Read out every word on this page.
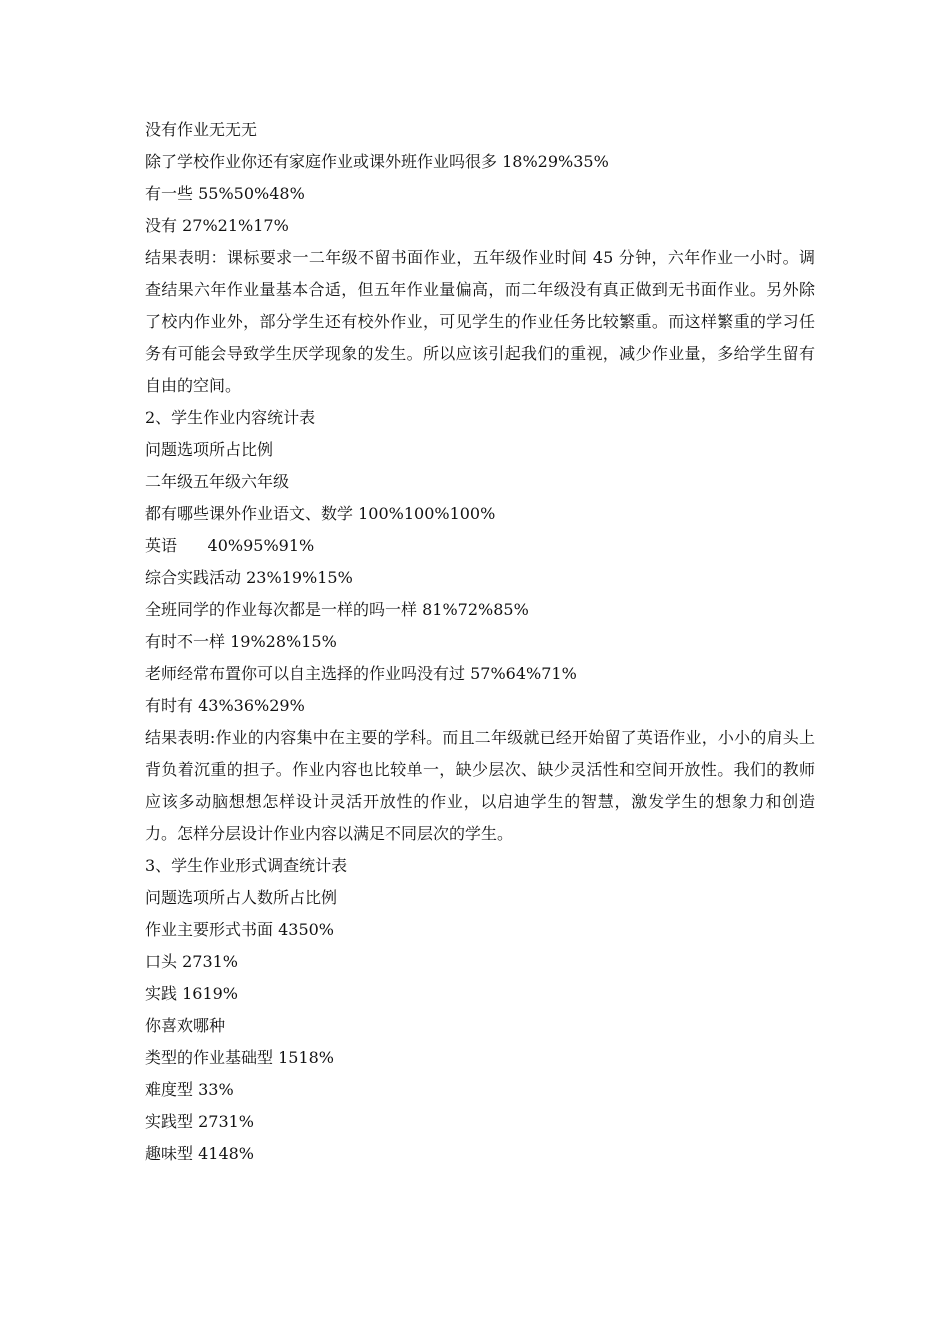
没有作业无无无
除了学校作业你还有家庭作业或课外班作业吗很多 18%29%35%
有一些 55%50%48%
没有 27%21%17%

结果表明：课标要求一二年级不留书面作业，五年级作业时间 45 分钟，六年作业一小时。调查结果六年作业量基本合适，但五年作业量偏高，而二年级没有真正做到无书面作业。另外除了校内作业外，部分学生还有校外作业，可见学生的作业任务比较繁重。而这样繁重的学习任务有可能会导致学生厌学现象的发生。所以应该引起我们的重视，减少作业量，多给学生留有自由的空间。

2、学生作业内容统计表
问题选项所占比例
二年级五年级六年级
都有哪些课外作业语文、数学 100%100%100%
英语      40%95%91%
综合实践活动 23%19%15%
全班同学的作业每次都是一样的吗一样 81%72%85%
有时不一样 19%28%15%
老师经常布置你可以自主选择的作业吗没有过 57%64%71%
有时有 43%36%29%

结果表明:作业的内容集中在主要的学科。而且二年级就已经开始留了英语作业，小小的肩头上背负着沉重的担子。作业内容也比较单一，缺少层次、缺少灵活性和空间开放性。我们的教师应该多动脑想想怎样设计灵活开放性的作业，以启迪学生的智慧，激发学生的想象力和创造力。怎样分层设计作业内容以满足不同层次的学生。

3、学生作业形式调查统计表
问题选项所占人数所占比例
作业主要形式书面 4350%
口头 2731%
实践 1619%
你喜欢哪种
类型的作业基础型 1518%
难度型 33%
实践型 2731%
趣味型 4148%
